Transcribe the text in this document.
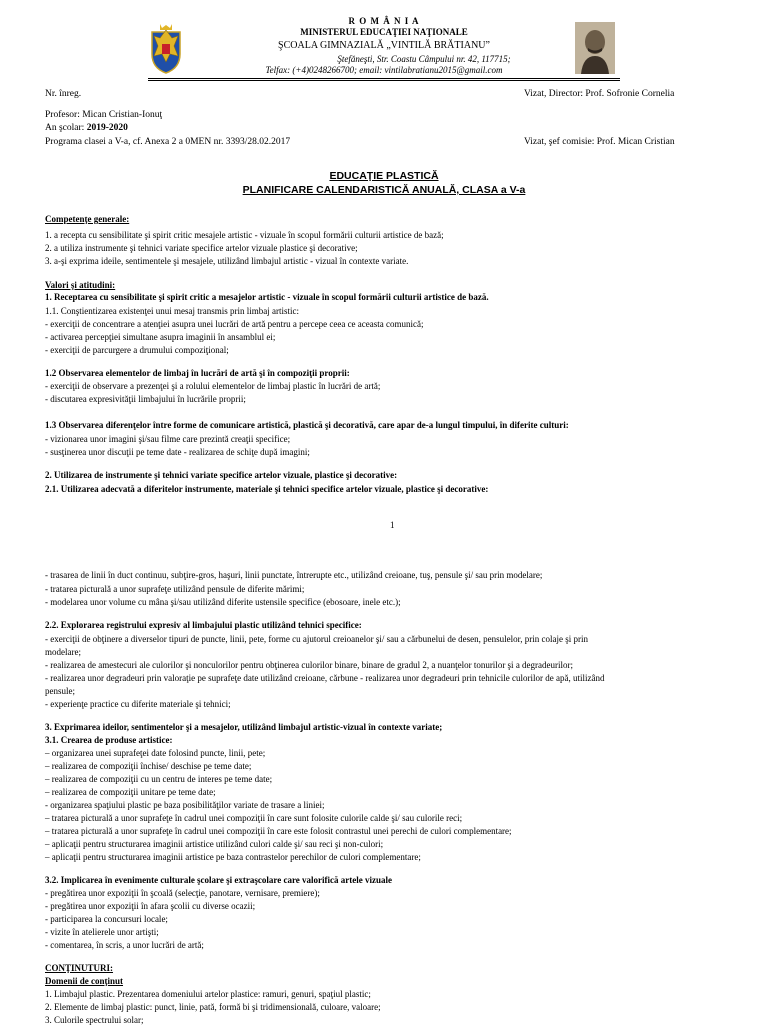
R O M Â N I A
MINISTERUL EDUCAŢIEI NAŢIONALE
ŞCOALA GIMNAZIALĂ „VINTILĂ BRĂTIANU”
Ştefăneşti, Str. Coastu Câmpului nr. 42, 117715;
Telfax: (+4)0248266700; email: vintilabratianu2015@gmail.com
Nr. înreg.	Vizat, Director: Prof. Sofronie Cornelia
Profesor: Mican Cristian-Ionuţ
An şcolar: 2019-2020
Programa clasei a V-a, cf. Anexa 2 a 0MEN nr. 3393/28.02.2017	Vizat, şef comisie: Prof. Mican Cristian
EDUCAŢIE PLASTICĂ
PLANIFICARE CALENDARISTICĂ ANUALĂ, CLASA a V-a
1
Competenţe generale:
1. a recepta cu sensibilitate şi spirit critic mesajele artistic - vizuale în scopul formării culturii artistice de bază;
2. a utiliza instrumente şi tehnici variate specifice artelor vizuale plastice şi decorative;
3. a-şi exprima ideile, sentimentele şi mesajele, utilizând limbajul artistic - vizual în contexte variate.
Valori şi atitudini:
1. Receptarea cu sensibilitate şi spirit critic a mesajelor artistic - vizuale în scopul formării culturii artistice de bază.
1.1. Conştientizarea existenţei unui mesaj transmis prin limbaj artistic:
- exerciţii de concentrare a atenţiei asupra unei lucrări de artă pentru a percepe ceea ce aceasta comunică;
- activarea percepţiei simultane asupra imaginii în ansamblul ei;
- exerciţii de parcurgere a drumului compoziţional;
1.2 Observarea elementelor de limbaj în lucrări de artă şi în compoziţii proprii:
- exerciţii de observare a prezenţei şi a rolului elementelor de limbaj plastic în lucrări de artă;
- discutarea expresivităţii limbajului în lucrările proprii;
1.3 Observarea diferenţelor între forme de comunicare artistică, plastică şi decorativă, care apar de-a lungul timpului, în diferite culturi:
- vizionarea unor imagini şi/sau filme care prezintă creaţii specifice;
- susţinerea unor discuţii pe teme date - realizarea de schiţe după imagini;
2. Utilizarea de instrumente şi tehnici variate specifice artelor vizuale, plastice şi decorative:
2.1. Utilizarea adecvată a diferitelor instrumente, materiale şi tehnici specifice artelor vizuale, plastice şi decorative:
- trasarea de linii în duct continuu, subţire-gros, haşuri, linii punctate, întrerupte etc., utilizând creioane, tuş, pensule şi/ sau prin modelare;
- tratarea picturală a unor suprafeţe utilizând pensule de diferite mărimi;
- modelarea unor volume cu mâna şi/sau utilizând diferite ustensile specifice (ebosoare, inele etc.);
2.2. Explorarea registrului expresiv al limbajului plastic utilizând tehnici specifice:
- exerciţii de obţinere a diverselor tipuri de puncte, linii, pete, forme cu ajutorul creioanelor şi/ sau a cărbunelui de desen, pensulelor, prin colaje şi prin
modelare;
- realizarea de amestecuri ale culorilor şi nonculorilor pentru obţinerea culorilor binare, binare de gradul 2, a nuanţelor tonurilor şi a degradeurilor;
- realizarea unor degradeuri prin valoraţie pe suprafeţe date utilizând creioane, cărbune - realizarea unor degradeuri prin tehnicile culorilor de apă, utilizând
pensule;
- experienţe practice cu diferite materiale şi tehnici;
3. Exprimarea ideilor, sentimentelor şi a mesajelor, utilizând limbajul artistic-vizual în contexte variate;
3.1. Crearea de produse artistice:
– organizarea unei suprafeţei date folosind puncte, linii, pete;
– realizarea de compoziţii închise/ deschise pe teme date;
– realizarea de compoziţii cu un centru de interes pe teme date;
– realizarea de compoziţii unitare pe teme date;
- organizarea spaţiului plastic pe baza posibilităţilor variate de trasare a liniei;
– tratarea picturală a unor suprafeţe în cadrul unei compoziţii în care sunt folosite culorile calde şi/ sau culorile reci;
– tratarea picturală a unor suprafeţe în cadrul unei compoziţii în care este folosit contrastul unei perechi de culori complementare;
– aplicaţii pentru structurarea imaginii artistice utilizând culori calde şi/ sau reci şi non-culori;
– aplicaţii pentru structurarea imaginii artistice pe baza contrastelor perechilor de culori complementare;
3.2. Implicarea în evenimente culturale şcolare şi extraşcolare care valorifică artele vizuale
- pregătirea unor expoziţii în şcoală (selecţie, panotare, vernisare, premiere);
- pregătirea unor expoziţii în afara şcolii cu diverse ocazii;
- participarea la concursuri locale;
- vizite în atelierele unor artişti;
- comentarea, în scris, a unor lucrări de artă;
CONŢINUTURI:
Domenii de conţinut
1. Limbajul plastic. Prezentarea domeniului artelor plastice: ramuri, genuri, spaţiul plastic;
2. Elemente de limbaj plastic: punct, linie, pată, formă bi şi tridimensională, culoare, valoare;
3. Culorile spectrului solar;
